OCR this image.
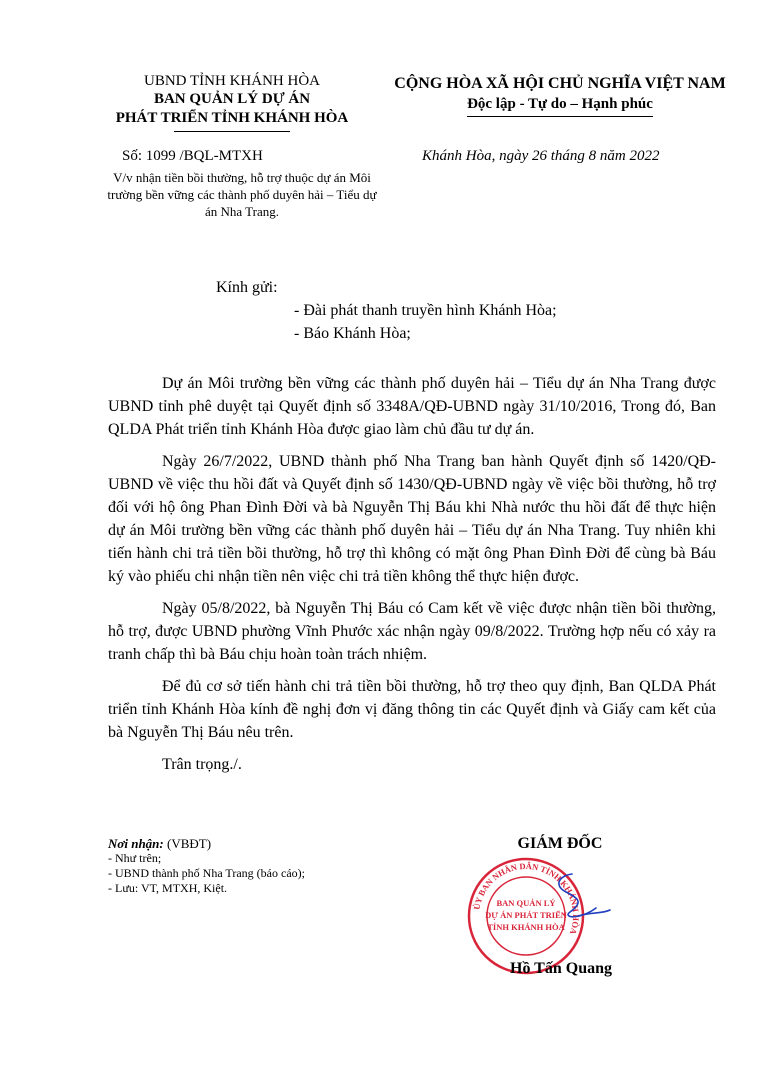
UBND TỈNH KHÁNH HÒA
BAN QUẢN LÝ DỰ ÁN
PHÁT TRIỂN TỈNH KHÁNH HÒA
CỘNG HÒA XÃ HỘI CHỦ NGHĨA VIỆT NAM
Độc lập - Tự do – Hạnh phúc
Số: 1099 /BQL-MTXH	Khánh Hòa, ngày 26 tháng 8 năm 2022
V/v nhận tiền bồi thường, hỗ trợ thuộc dự án Môi trường bền vững các thành phố duyên hải – Tiểu dự án Nha Trang.
Kính gửi:
- Đài phát thanh truyền hình Khánh Hòa;
- Báo Khánh Hòa;

Dự án Môi trường bền vững các thành phố duyên hải – Tiểu dự án Nha Trang được UBND tỉnh phê duyệt tại Quyết định số 3348A/QĐ-UBND ngày 31/10/2016, Trong đó, Ban QLDA Phát triển tỉnh Khánh Hòa được giao làm chủ đầu tư dự án.

Ngày 26/7/2022, UBND thành phố Nha Trang ban hành Quyết định số 1420/QĐ-UBND về việc thu hồi đất và Quyết định số 1430/QĐ-UBND ngày về việc bồi thường, hỗ trợ đối với hộ ông Phan Đình Đời và bà Nguyễn Thị Báu khi Nhà nước thu hồi đất để thực hiện dự án Môi trường bền vững các thành phố duyên hải – Tiểu dự án Nha Trang. Tuy nhiên khi tiến hành chi trả tiền bồi thường, hỗ trợ thì không có mặt ông Phan Đình Đời để cùng bà Báu ký vào phiếu chi nhận tiền nên việc chi trả tiền không thể thực hiện được.

Ngày 05/8/2022, bà Nguyễn Thị Báu có Cam kết về việc được nhận tiền bồi thường, hỗ trợ, được UBND phường Vĩnh Phước xác nhận ngày 09/8/2022. Trường hợp nếu có xảy ra tranh chấp thì bà Báu chịu hoàn toàn trách nhiệm.

Để đủ cơ sở tiến hành chi trả tiền bồi thường, hỗ trợ theo quy định, Ban QLDA Phát triển tỉnh Khánh Hòa kính đề nghị đơn vị đăng thông tin các Quyết định và Giấy cam kết của bà Nguyễn Thị Báu nêu trên.

Trân trọng./.

Nơi nhận: (VBĐT)
- Như trên;
- UBND thành phố Nha Trang (báo cáo);
- Lưu: VT, MTXH, Kiệt.
GIÁM ĐỐC
ỦY BAN NHÂN DÂN TỈNH KHÁNH HÒA
BAN QUẢN LÝ
DỰ ÁN PHÁT TRIỂN
TỈNH KHÁNH HÒA
Hồ Tấn Quang
